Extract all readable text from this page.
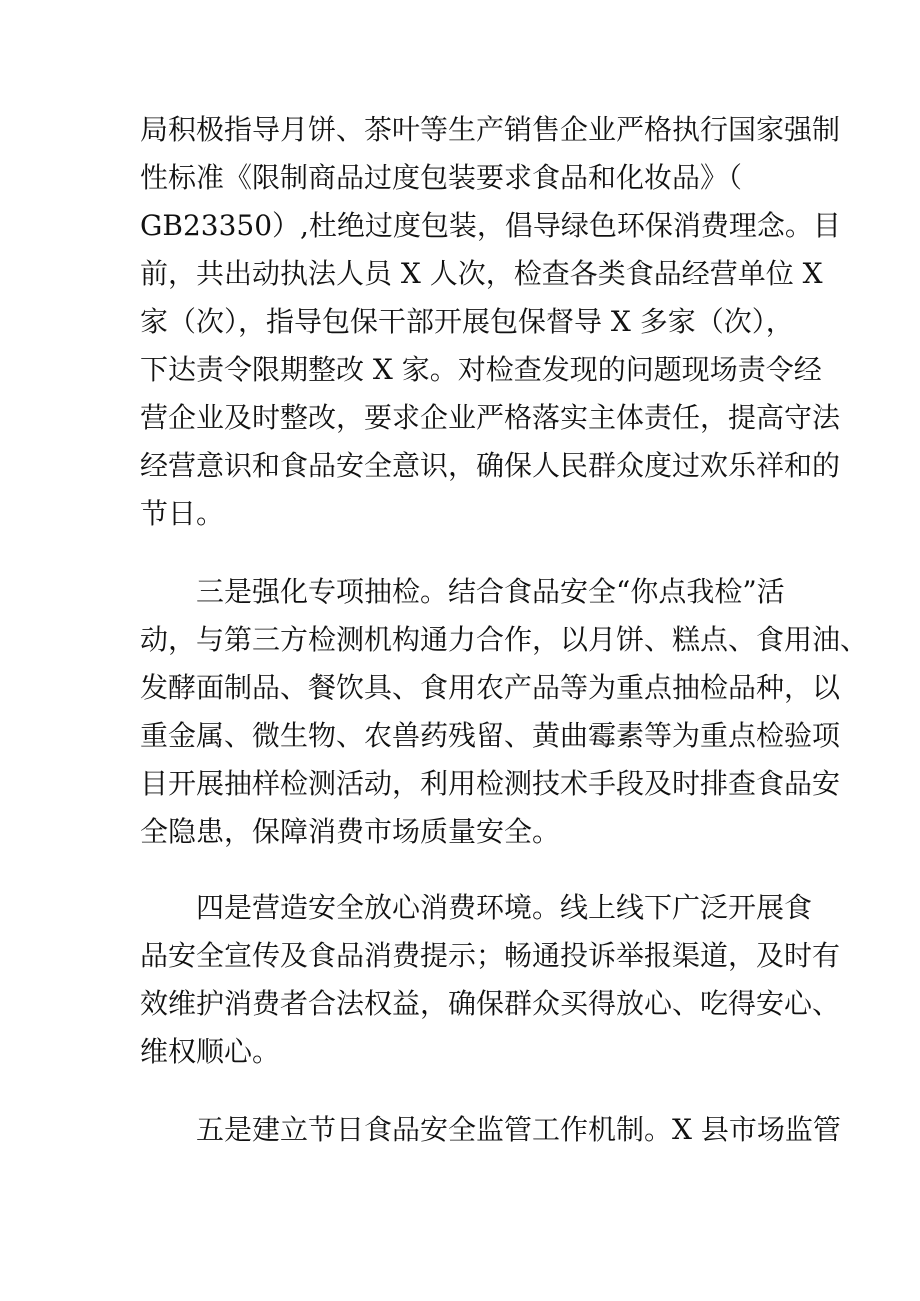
局积极指导月饼、茶叶等生产销售企业严格执行国家强制
性标准《限制商品过度包装要求食品和化妆品》（
GB23350）,杜绝过度包装，倡导绿色环保消费理念。目
前，共出动执法人员 X 人次，检查各类食品经营单位 X
家（次），指导包保干部开展包保督导 X 多家（次），
下达责令限期整改 X 家。对检查发现的问题现场责令经
营企业及时整改，要求企业严格落实主体责任，提高守法
经营意识和食品安全意识，确保人民群众度过欢乐祥和的
节日。
三是强化专项抽检。结合食品安全“你点我检”活
动，与第三方检测机构通力合作，以月饼、糕点、食用油、
发酵面制品、餐饮具、食用农产品等为重点抽检品种，以
重金属、微生物、农兽药残留、黄曲霉素等为重点检验项
目开展抽样检测活动，利用检测技术手段及时排查食品安
全隐患，保障消费市场质量安全。
四是营造安全放心消费环境。线上线下广泛开展食
品安全宣传及食品消费提示；畅通投诉举报渠道，及时有
效维护消费者合法权益，确保群众买得放心、吃得安心、
维权顺心。
五是建立节日食品安全监管工作机制。X 县市场监管
